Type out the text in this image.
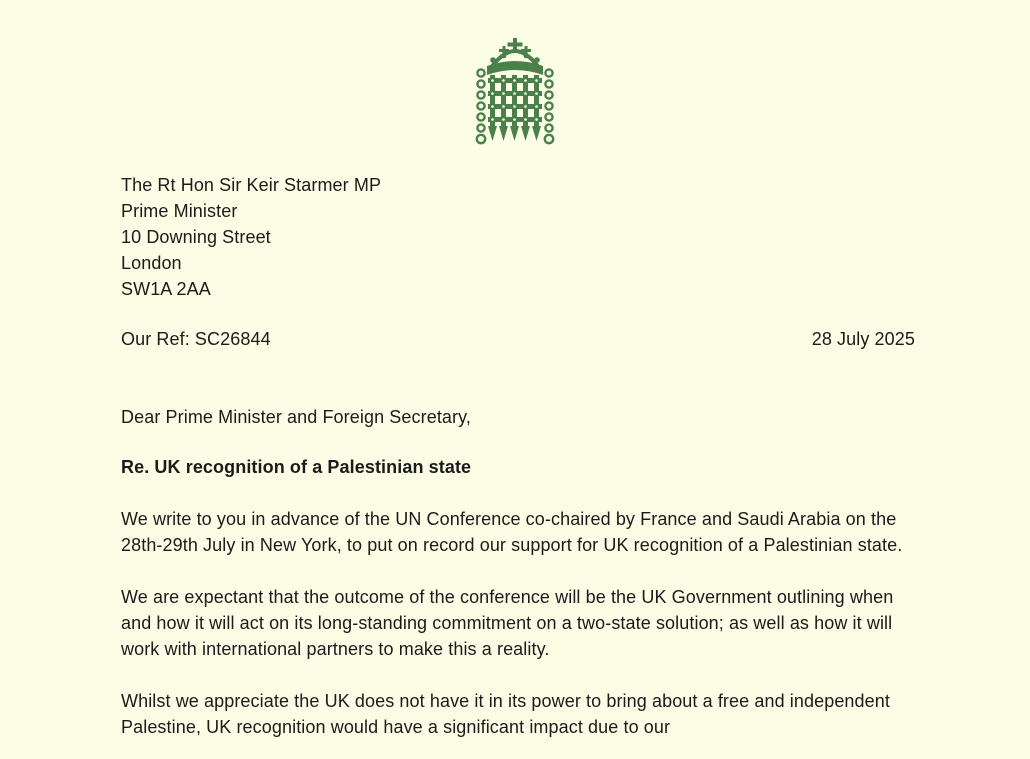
The Rt Hon Sir Keir Starmer MP
Prime Minister
10 Downing Street
London
SW1A 2AA
Our Ref: SC26844	28 July 2025

Dear Prime Minister and Foreign Secretary,

Re. UK recognition of a Palestinian state

We write to you in advance of the UN Conference co-chaired by France and Saudi Arabia on the 28th-29th July in New York, to put on record our support for UK recognition of a Palestinian state.

We are expectant that the outcome of the conference will be the UK Government outlining when and how it will act on its long-standing commitment on a two-state solution; as well as how it will work with international partners to make this a reality.

Whilst we appreciate the UK does not have it in its power to bring about a free and independent Palestine, UK recognition would have a significant impact due to our
